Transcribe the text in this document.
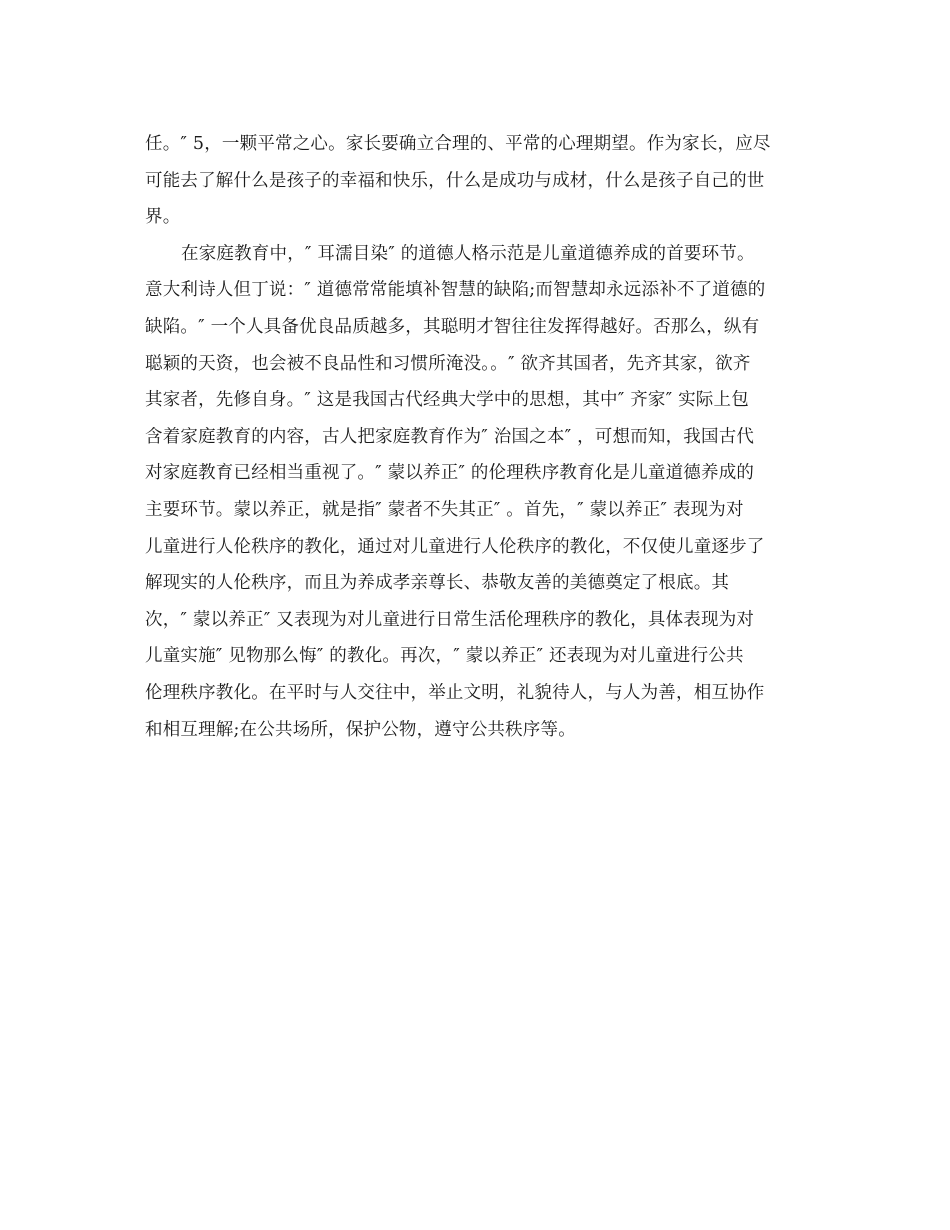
任。″ 5，一颗平常之心。家长要确立合理的、平常的心理期望。作为家长，应尽
可能去了解什么是孩子的幸福和快乐，什么是成功与成材，什么是孩子自己的世
界。
在家庭教育中，″ 耳濡目染″ 的道德人格示范是儿童道德养成的首要环节。
意大利诗人但丁说：″ 道德常常能填补智慧的缺陷;而智慧却永远添补不了道德的
缺陷。″ 一个人具备优良品质越多，其聪明才智往往发挥得越好。否那么，纵有
聪颖的天资，也会被不良品性和习惯所淹没。。″ 欲齐其国者，先齐其家，欲齐
其家者，先修自身。″ 这是我国古代经典大学中的思想，其中″ 齐家″ 实际上包
含着家庭教育的内容，古人把家庭教育作为″ 治国之本″ ，可想而知，我国古代
对家庭教育已经相当重视了。″ 蒙以养正″ 的伦理秩序教育化是儿童道德养成的
主要环节。蒙以养正，就是指″ 蒙者不失其正″ 。首先，″ 蒙以养正″ 表现为对
儿童进行人伦秩序的教化，通过对儿童进行人伦秩序的教化，不仅使儿童逐步了
解现实的人伦秩序，而且为养成孝亲尊长、恭敬友善的美德奠定了根底。其
次，″ 蒙以养正″ 又表现为对儿童进行日常生活伦理秩序的教化，具体表现为对
儿童实施″ 见物那么悔″ 的教化。再次，″ 蒙以养正″ 还表现为对儿童进行公共
伦理秩序教化。在平时与人交往中，举止文明，礼貌待人，与人为善，相互协作
和相互理解;在公共场所，保护公物，遵守公共秩序等。
